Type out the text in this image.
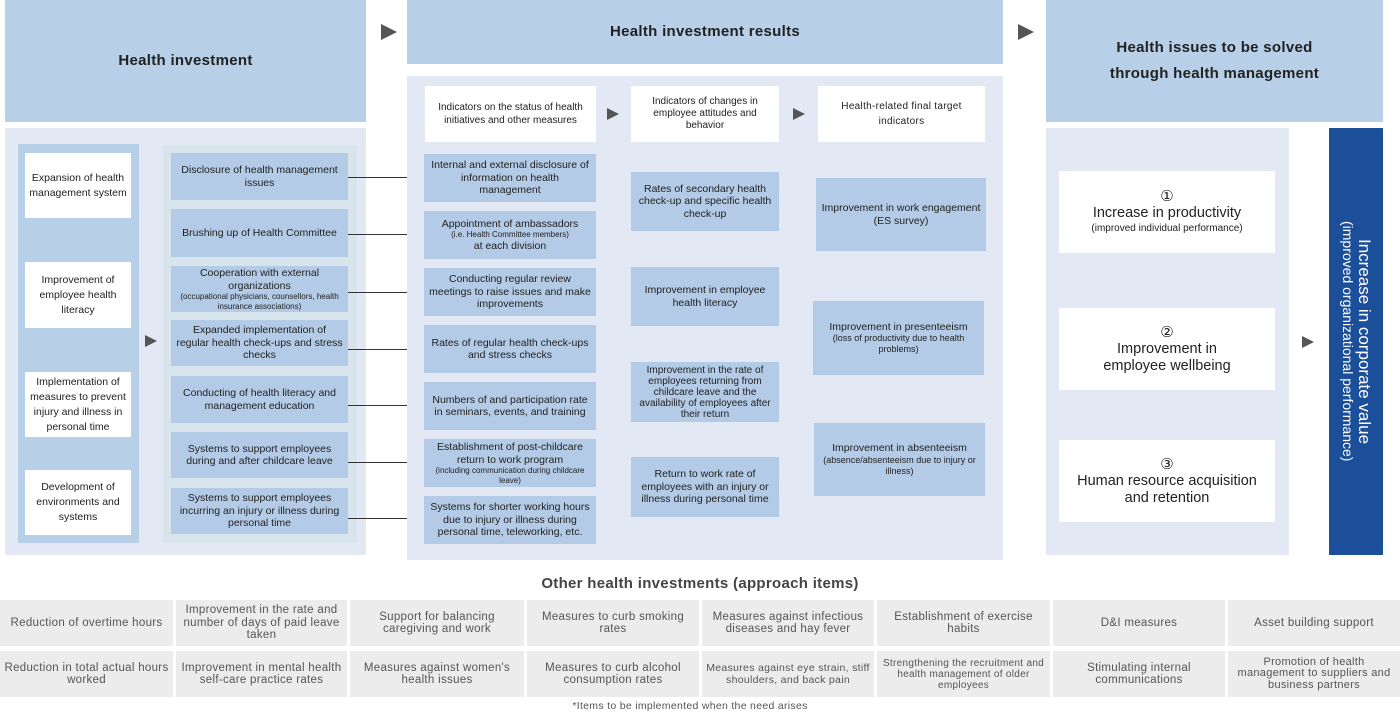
Health investment
Health investment results
Health issues to be solved
through health management
Expansion of health management system
Improvement of employee health literacy
Implementation of measures to prevent injury and illness in personal time
Development of environments and systems
Disclosure of health management issues
Brushing up of Health Committee
Cooperation with external organizations
(occupational physicians, counsellors, health insurance associations)
Expanded implementation of regular health check-ups and stress checks
Conducting of health literacy and management education
Systems to support employees during and after childcare leave
Systems to support employees incurring an injury or illness during personal time
Indicators on the status of health initiatives and other measures
Indicators of changes in employee attitudes and behavior
Health-related final target indicators
Internal and external disclosure of information on health management
Appointment of ambassadors
(i.e. Health Committee members)
at each division
Conducting regular review meetings to raise issues and make improvements
Rates of regular health check-ups and stress checks
Numbers of and participation rate in seminars, events, and training
Establishment of post-childcare return to work program
(including communication during childcare leave)
Systems for shorter working hours due to injury or illness during personal time, teleworking, etc.
Rates of secondary health check-up and specific health check-up
Improvement in employee health literacy
Improvement in the rate of employees returning from childcare leave and the availability of employees after their return
Return to work rate of employees with an injury or illness during personal time
Improvement in work engagement (ES survey)
Improvement in presenteeism
(loss of productivity due to health problems)
Improvement in absenteeism
(absence/absenteeism due to injury or illness)
①
Increase in productivity
(improved individual performance)
②
Improvement in employee wellbeing
③
Human resource acquisition and retention
Increase in corporate value
(improved organizational performance)
Other health investments (approach items)
Reduction of overtime hours
Improvement in the rate and number of days of paid leave taken
Support for balancing caregiving and work
Measures to curb smoking rates
Measures against infectious diseases and hay fever
Establishment of exercise habits
D&I measures	Asset building support
Reduction in total actual hours worked
Improvement in mental health self-care practice rates
Measures against women's health issues
Measures to curb alcohol consumption rates
Measures against eye strain, stiff shoulders, and back pain
Strengthening the recruitment and health management of older employees
Stimulating internal communications
Promotion of health management to suppliers and business partners
*Items to be implemented when the need arises
